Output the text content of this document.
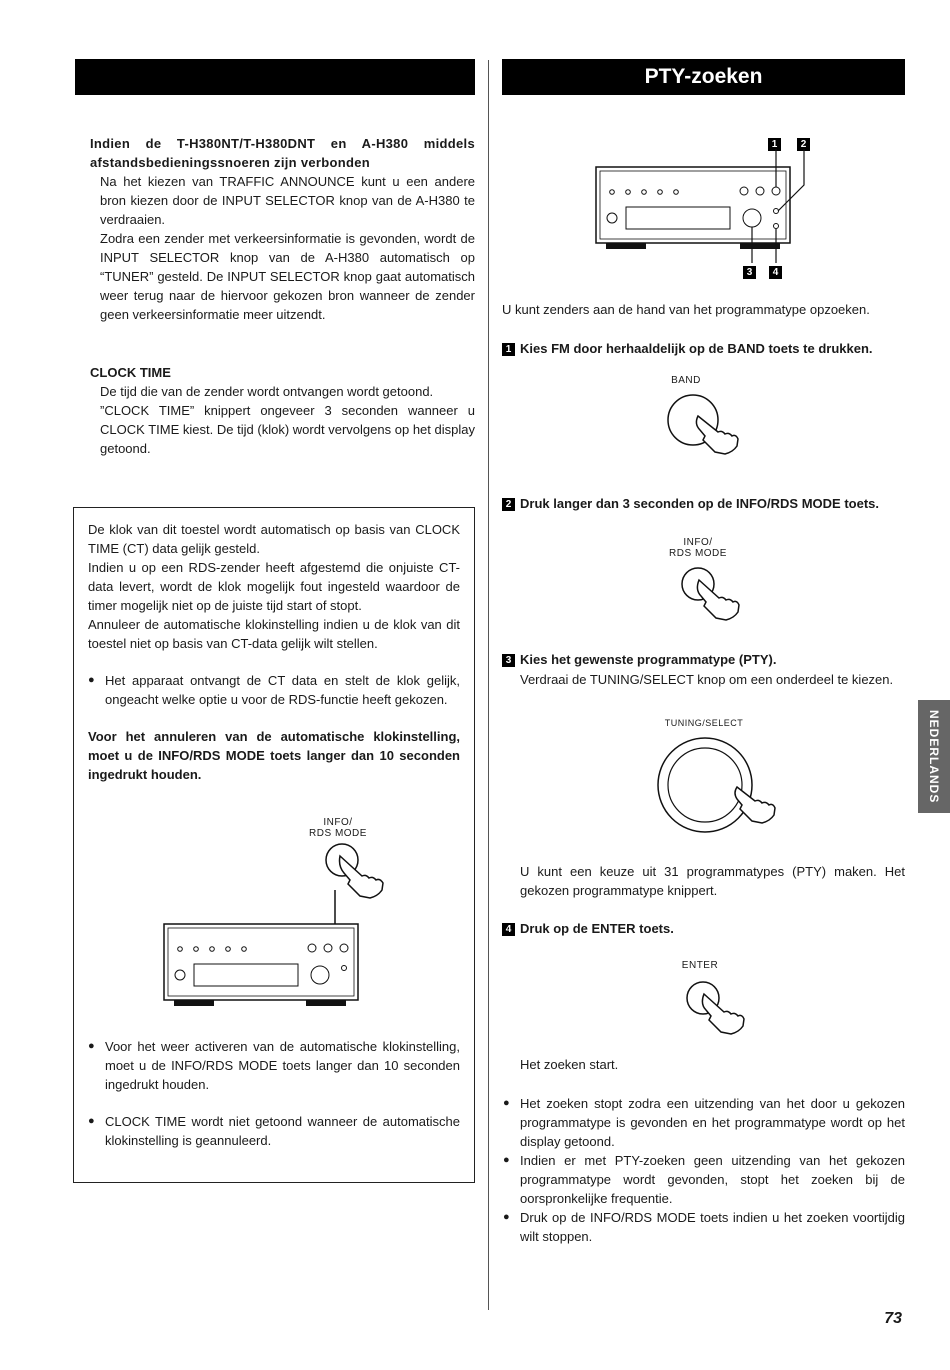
PTY-zoeken

Indien de T-H380NT/T-H380DNT en A-H380 middels afstandsbedieningssnoeren zijn verbonden

Na het kiezen van TRAFFIC ANNOUNCE kunt u een andere bron kiezen door de INPUT SELECTOR knop van de A-H380 te verdraaien.

Zodra een zender met verkeersinformatie is gevonden, wordt de INPUT SELECTOR knop van de A-H380 automatisch op “TUNER” gesteld. De INPUT SELECTOR knop gaat automatisch weer terug naar de hiervoor gekozen bron wanneer de zender geen verkeersinformatie meer uitzendt.

CLOCK TIME

De tijd die van de zender wordt ontvangen wordt getoond.

”CLOCK TIME” knippert ongeveer 3 seconden wanneer u CLOCK TIME kiest. De tijd (klok) wordt vervolgens op het display getoond.

De klok van dit toestel wordt automatisch op basis van CLOCK TIME (CT) data gelijk gesteld.

Indien u op een RDS-zender heeft afgestemd die onjuiste CT-data levert, wordt de klok mogelijk fout ingesteld waardoor de timer mogelijk niet op de juiste tijd start of stopt.

Annuleer de automatische klokinstelling indien u de klok van dit toestel niet op basis van CT-data gelijk wilt stellen.

● Het apparaat ontvangt de CT data en stelt de klok gelijk, ongeacht welke optie u voor de RDS-functie heeft gekozen.

Voor het annuleren van de automatische klokinstelling, moet u de INFO/RDS MODE toets langer dan 10 seconden ingedrukt houden.

INFO/
RDS MODE

● Voor het weer activeren van de automatische klokinstelling, moet u de INFO/RDS MODE toets langer dan 10 seconden ingedrukt houden.

● CLOCK TIME wordt niet getoond wanneer de automatische klokinstelling is geannuleerd.

1	2
3	4

U kunt zenders aan de hand van het programmatype opzoeken.

1 Kies FM door herhaaldelijk op de BAND toets te drukken.

BAND

2 Druk langer dan 3 seconden op de INFO/RDS MODE toets.

INFO/
RDS MODE

3 Kies het gewenste programmatype (PTY).

Verdraai de TUNING/SELECT knop om een onderdeel te kiezen.

TUNING/SELECT

U kunt een keuze uit 31 programmatypes (PTY) maken. Het gekozen programmatype knippert.

4 Druk op de ENTER toets.

ENTER

Het zoeken start.

● Het zoeken stopt zodra een uitzending van het door u gekozen programmatype is gevonden en het programmatype wordt op het display getoond.

● Indien er met PTY-zoeken geen uitzending van het gekozen programmatype wordt gevonden, stopt het zoeken bij de oorspronkelijke frequentie.

● Druk op de INFO/RDS MODE toets indien u het zoeken voortijdig wilt stoppen.

NEDERLANDS
73
